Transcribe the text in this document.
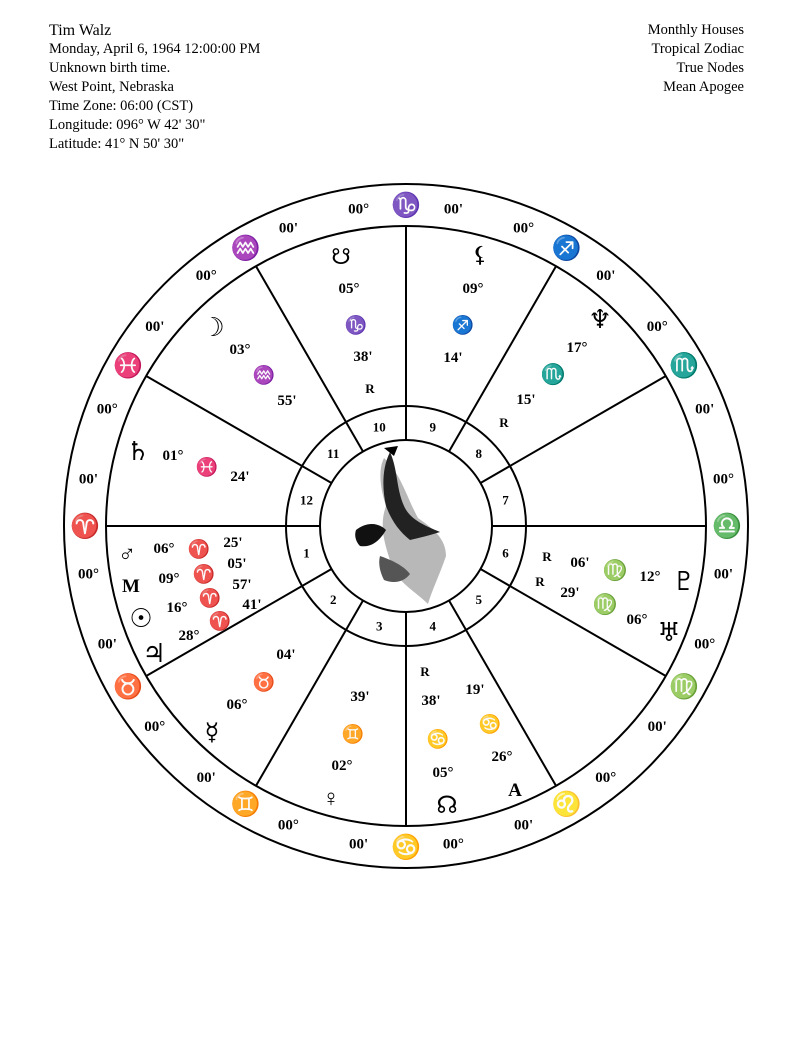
Tim Walz
Monday, April 6, 1964 12:00:00 PM
Unknown birth time.
West Point, Nebraska
Time Zone: 06:00 (CST)
Longitude: 096° W 42' 30"
Latitude: 41° N 50' 30"
Monthly Houses
Tropical Zodiac
True Nodes
Mean Apogee
1
2
3	4
5
6
7
8
9
10
11
12
♑
00°	00'
♐
00°
00'
♏
00°
00'
♎
00°
00'
♍
00°
00'
♌
00°
00'
♋ 00°
00'
♊
00°
00'
♉
00°
00'
♈
00°
00'
♓
00°
00'
♒
00°
00'
☋
05°
♑
38'
R
⚸
09°
♐
14'
♆
17°
♏
15'
R
☽
03°
♒
55'
♄ 01°
♓ 24'
♂ 06° ♈ 25'
M 09° ♈ 05'
☉ 16° ♈
57'
♃
28°
♈
41'
☿
06°
♉
04'
♀
02°
♊
39'
☊
05°
♋
38'
R
A
26°
♋
19'
♇
12°
♍
06'
R
♅
06°
♍
29'
R
